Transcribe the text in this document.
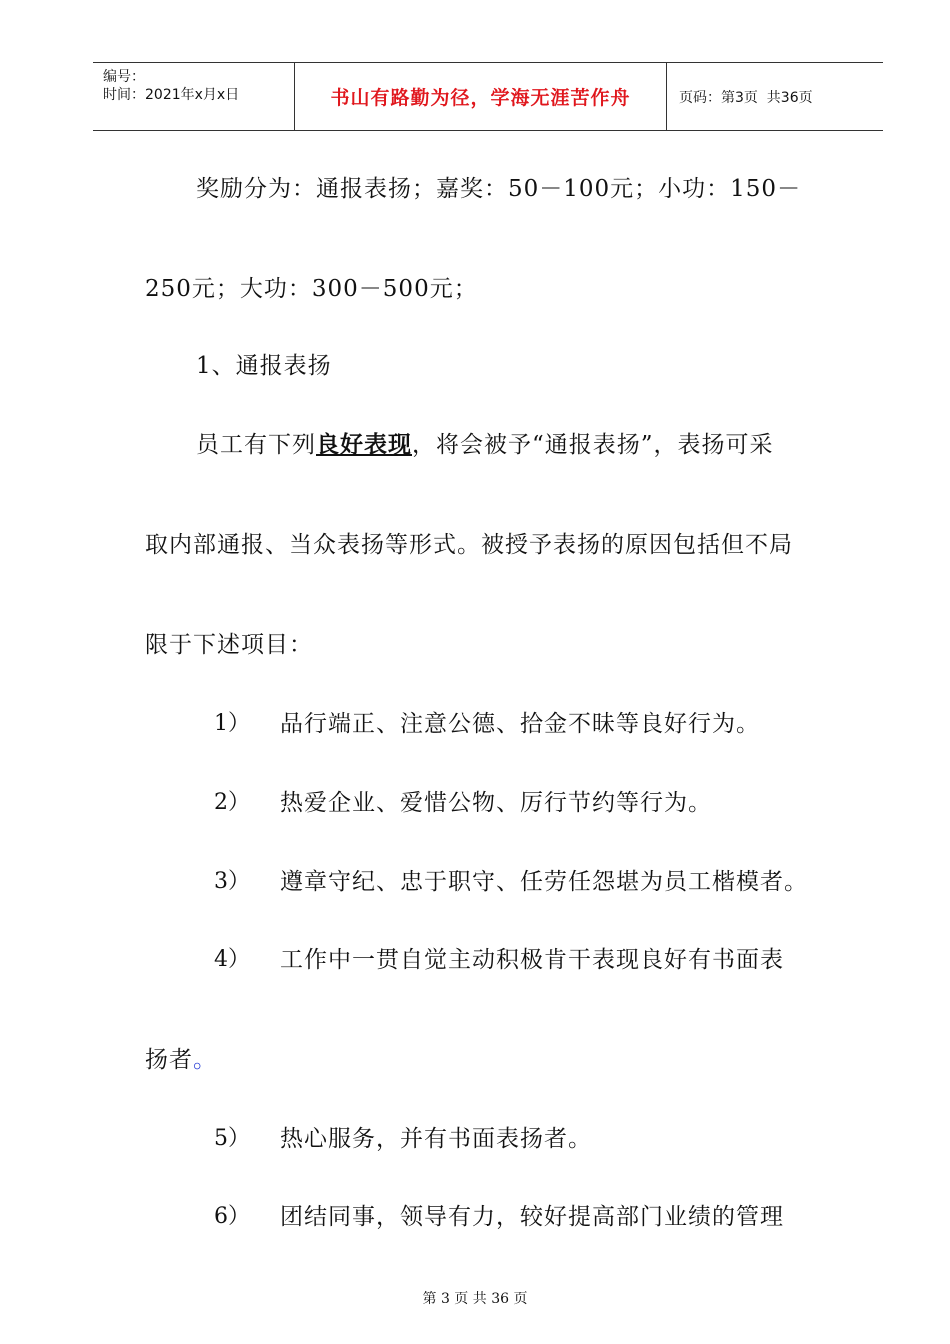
编号：
时间：2021年x月x日	书山有路勤为径，学海无涯苦作舟	页码：第3页  共36页
奖励分为：通报表扬；嘉奖：50－100元；小功：150－
250元；大功：300－500元；
1、通报表扬
员工有下列良好表现，将会被予“通报表扬”，表扬可采
取内部通报、当众表扬等形式。被授予表扬的原因包括但不局
限于下述项目：
1） 品行端正、注意公德、拾金不昧等良好行为。
2） 热爱企业、爱惜公物、厉行节约等行为。
3） 遵章守纪、忠于职守、任劳任怨堪为员工楷模者。
4） 工作中一贯自觉主动积极肯干表现良好有书面表
扬者。
5） 热心服务，并有书面表扬者。
6） 团结同事，领导有力，较好提高部门业绩的管理
第 3 页 共 36 页
